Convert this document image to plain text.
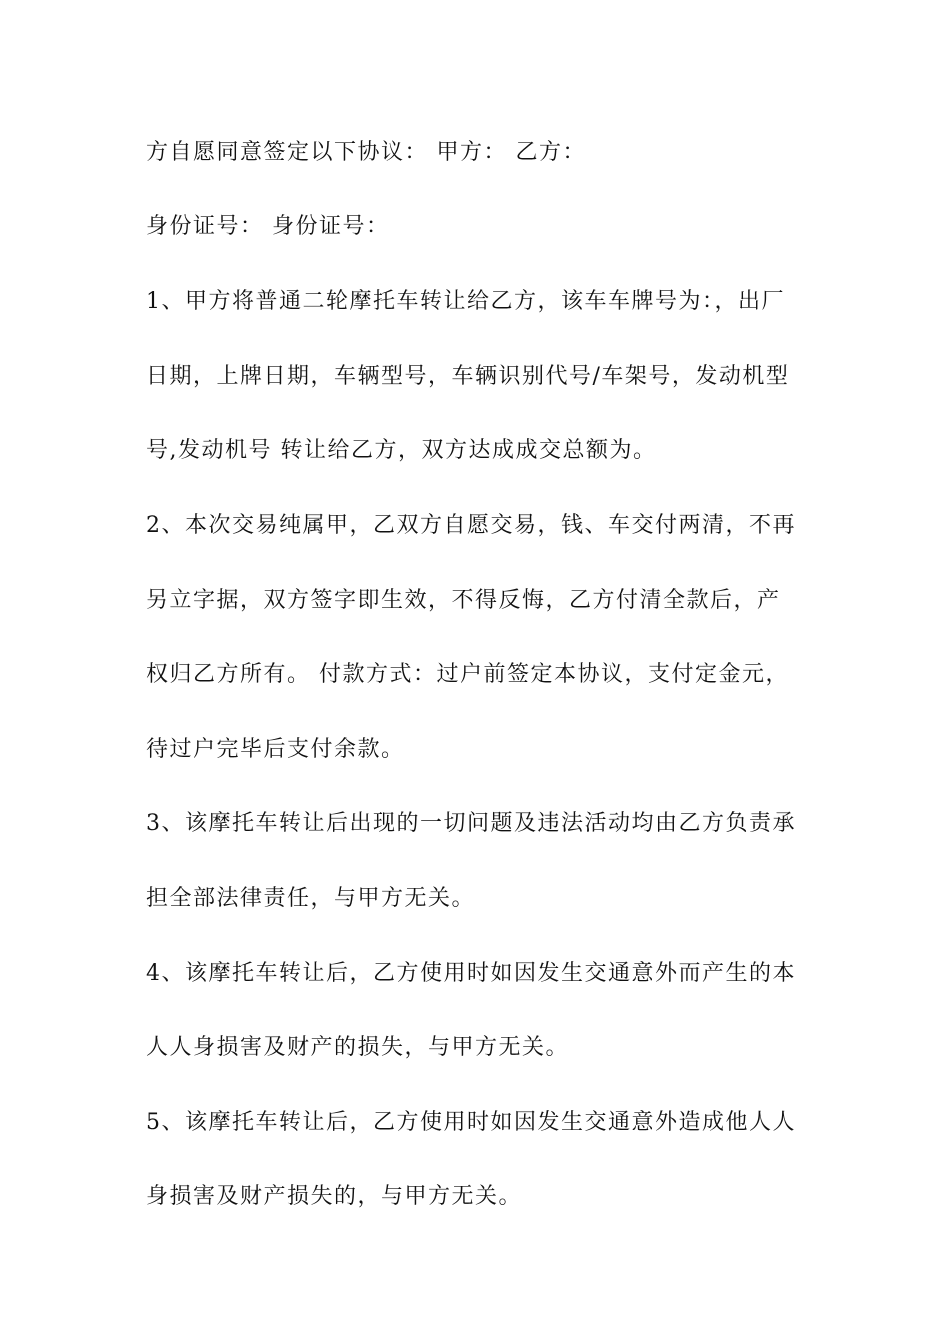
方自愿同意签定以下协议： 甲方： 乙方：
身份证号： 身份证号：
1、甲方将普通二轮摩托车转让给乙方，该车车牌号为：，出厂
日期，上牌日期，车辆型号，车辆识别代号/车架号，发动机型
号,发动机号 转让给乙方，双方达成成交总额为。
2、本次交易纯属甲，乙双方自愿交易，钱、车交付两清，不再
另立字据，双方签字即生效，不得反悔，乙方付清全款后，产
权归乙方所有。 付款方式：过户前签定本协议，支付定金元，
待过户完毕后支付余款。
3、该摩托车转让后出现的一切问题及违法活动均由乙方负责承
担全部法律责任，与甲方无关。
4、该摩托车转让后，乙方使用时如因发生交通意外而产生的本
人人身损害及财产的损失，与甲方无关。
5、该摩托车转让后，乙方使用时如因发生交通意外造成他人人
身损害及财产损失的，与甲方无关。
